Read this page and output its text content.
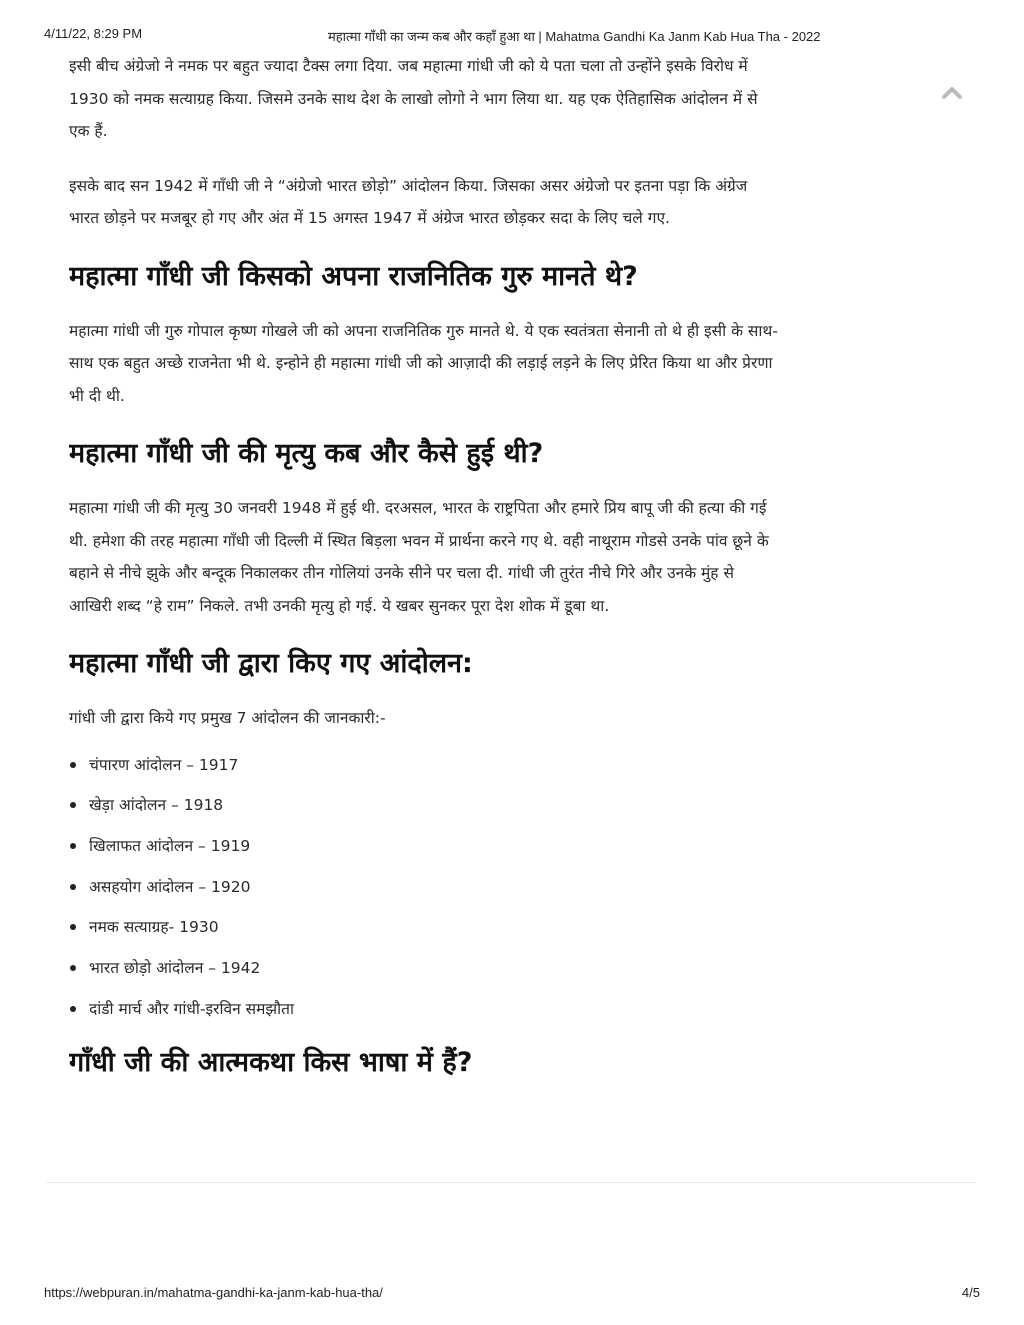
4/11/22, 8:29 PM	महात्मा गाँधी का जन्म कब और कहाँ हुआ था | Mahatma Gandhi Ka Janm Kab Hua Tha - 2022

इसी बीच अंग्रेजो ने नमक पर बहुत ज्यादा टैक्स लगा दिया. जब महात्मा गांधी जी को ये पता चला तो उन्होंने इसके विरोध में 1930 को नमक सत्याग्रह किया. जिसमे उनके साथ देश के लाखो लोगो ने भाग लिया था. यह एक ऐतिहासिक आंदोलन में से एक हैं.

इसके बाद सन 1942 में गाँधी जी ने “अंग्रेजो भारत छोड़ो” आंदोलन किया. जिसका असर अंग्रेजो पर इतना पड़ा कि अंग्रेज भारत छोड़ने पर मजबूर हो गए और अंत में 15 अगस्त 1947 में अंग्रेज भारत छोड़कर सदा के लिए चले गए.

महात्मा गाँधी जी किसको अपना राजनितिक गुरु मानते थे?

महात्मा गांधी जी गुरु गोपाल कृष्ण गोखले जी को अपना राजनितिक गुरु मानते थे. ये एक स्वतंत्रता सेनानी तो थे ही इसी के साथ-साथ एक बहुत अच्छे राजनेता भी थे. इन्होने ही महात्मा गांधी जी को आज़ादी की लड़ाई लड़ने के लिए प्रेरित किया था और प्रेरणा भी दी थी.

महात्मा गाँधी जी की मृत्यु कब और कैसे हुई थी?

महात्मा गांधी जी की मृत्यु 30 जनवरी 1948 में हुई थी. दरअसल, भारत के राष्ट्रपिता और हमारे प्रिय बापू जी की हत्या की गई थी. हमेशा की तरह महात्मा गाँधी जी दिल्ली में स्थित बिड़ला भवन में प्रार्थना करने गए थे. वही नाथूराम गोडसे उनके पांव छूने के बहाने से नीचे झुके और बन्दूक निकालकर तीन गोलियां उनके सीने पर चला दी. गांधी जी तुरंत नीचे गिरे और उनके मुंह से आखिरी शब्द “हे राम” निकले. तभी उनकी मृत्यु हो गई. ये खबर सुनकर पूरा देश शोक में डूबा था.

महात्मा गाँधी जी द्वारा किए गए आंदोलन:

गांधी जी द्वारा किये गए प्रमुख 7 आंदोलन की जानकारी:-

चंपारण आंदोलन – 1917
खेड़ा आंदोलन – 1918
खिलाफत आंदोलन – 1919
असहयोग आंदोलन – 1920
नमक सत्याग्रह- 1930
भारत छोड़ो आंदोलन – 1942
दांडी मार्च और गांधी-इरविन समझौता
गाँधी जी की आत्मकथा किस भाषा में हैं?
https://webpuran.in/mahatma-gandhi-ka-janm-kab-hua-tha/	4/5
